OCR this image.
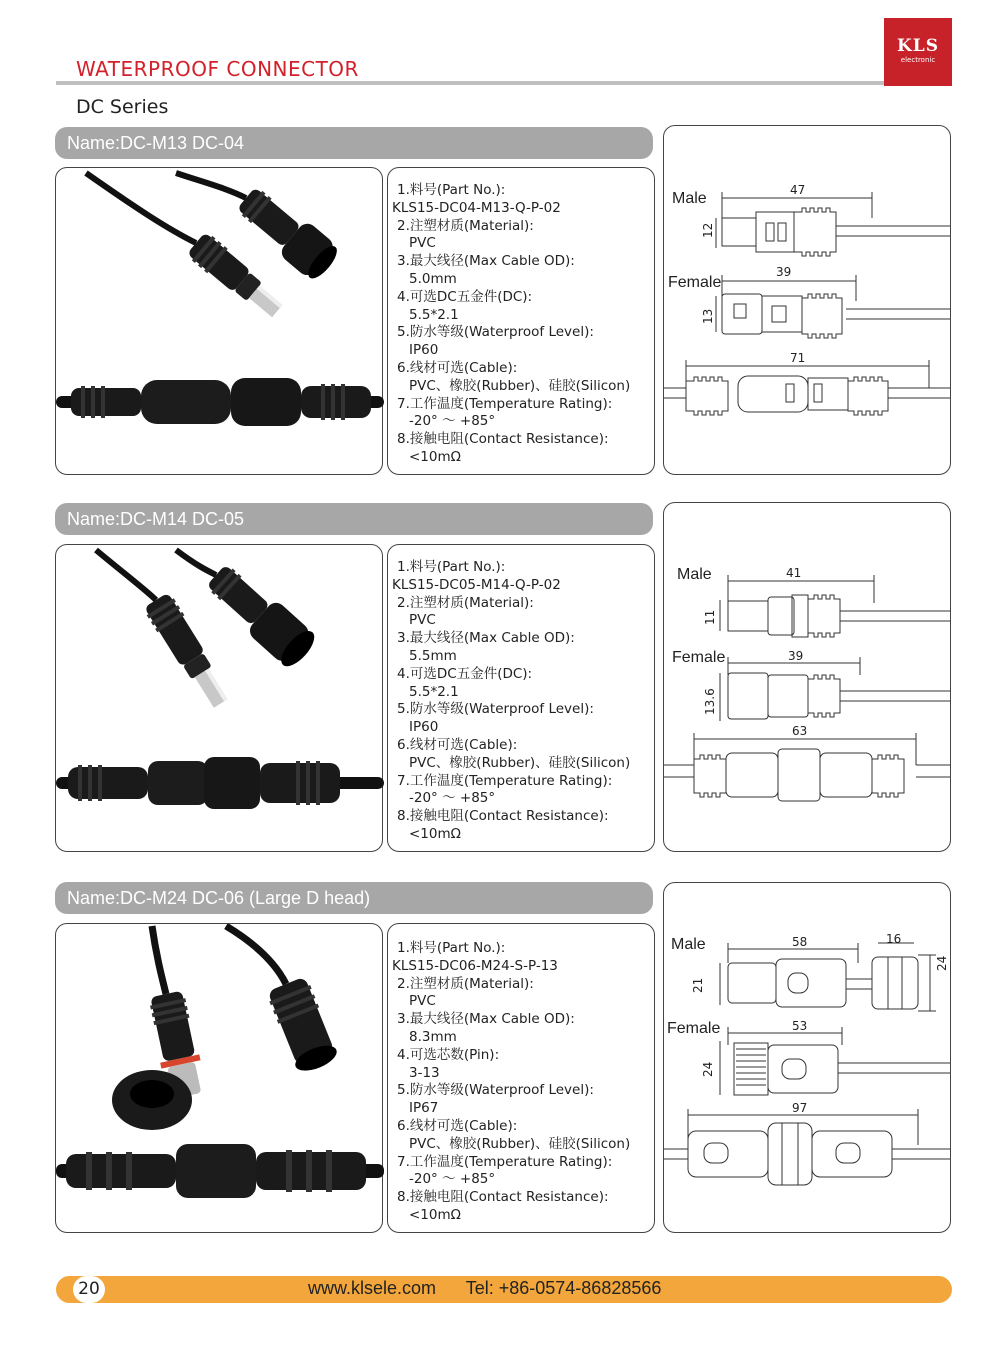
WATERPROOF CONNECTOR
KLS
electronic
DC Series
Name:DC-M13 DC-04
1.料号(Part No.):
KLS15-DC04-M13-Q-P-02
2.注塑材质(Material):
PVC
3.最大线径(Max Cable OD):
5.0mm
4.可选DC五金件(DC):
5.5*2.1
5.防水等级(Waterproof Level):
IP60
6.线材可选(Cable):
PVC、橡胶(Rubber)、硅胶(Silicon)
7.工作温度(Temperature Rating):
-20° ～ +85°
8.接触电阻(Contact Resistance):
<10mΩ
Male
Female
47
12
39
13
71
Name:DC-M14 DC-05
1.料号(Part No.):
KLS15-DC05-M14-Q-P-02
2.注塑材质(Material):
PVC
3.最大线径(Max Cable OD):
5.5mm
4.可选DC五金件(DC):
5.5*2.1
5.防水等级(Waterproof Level):
IP60
6.线材可选(Cable):
PVC、橡胶(Rubber)、硅胶(Silicon)
7.工作温度(Temperature Rating):
-20° ～ +85°
8.接触电阻(Contact Resistance):
<10mΩ
Male
Female
41
11
39
13.6
63
Name:DC-M24 DC-06 (Large D head)
1.料号(Part No.):
KLS15-DC06-M24-S-P-13
2.注塑材质(Material):
PVC
3.最大线径(Max Cable OD):
8.3mm
4.可选芯数(Pin):
3-13
5.防水等级(Waterproof Level):
IP67
6.线材可选(Cable):
PVC、橡胶(Rubber)、硅胶(Silicon)
7.工作温度(Temperature Rating):
-20° ～ +85°
8.接触电阻(Contact Resistance):
<10mΩ
Male
Female
58
21
16
24
53
24
97
20	www.klsele.com Tel: +86-0574-86828566
